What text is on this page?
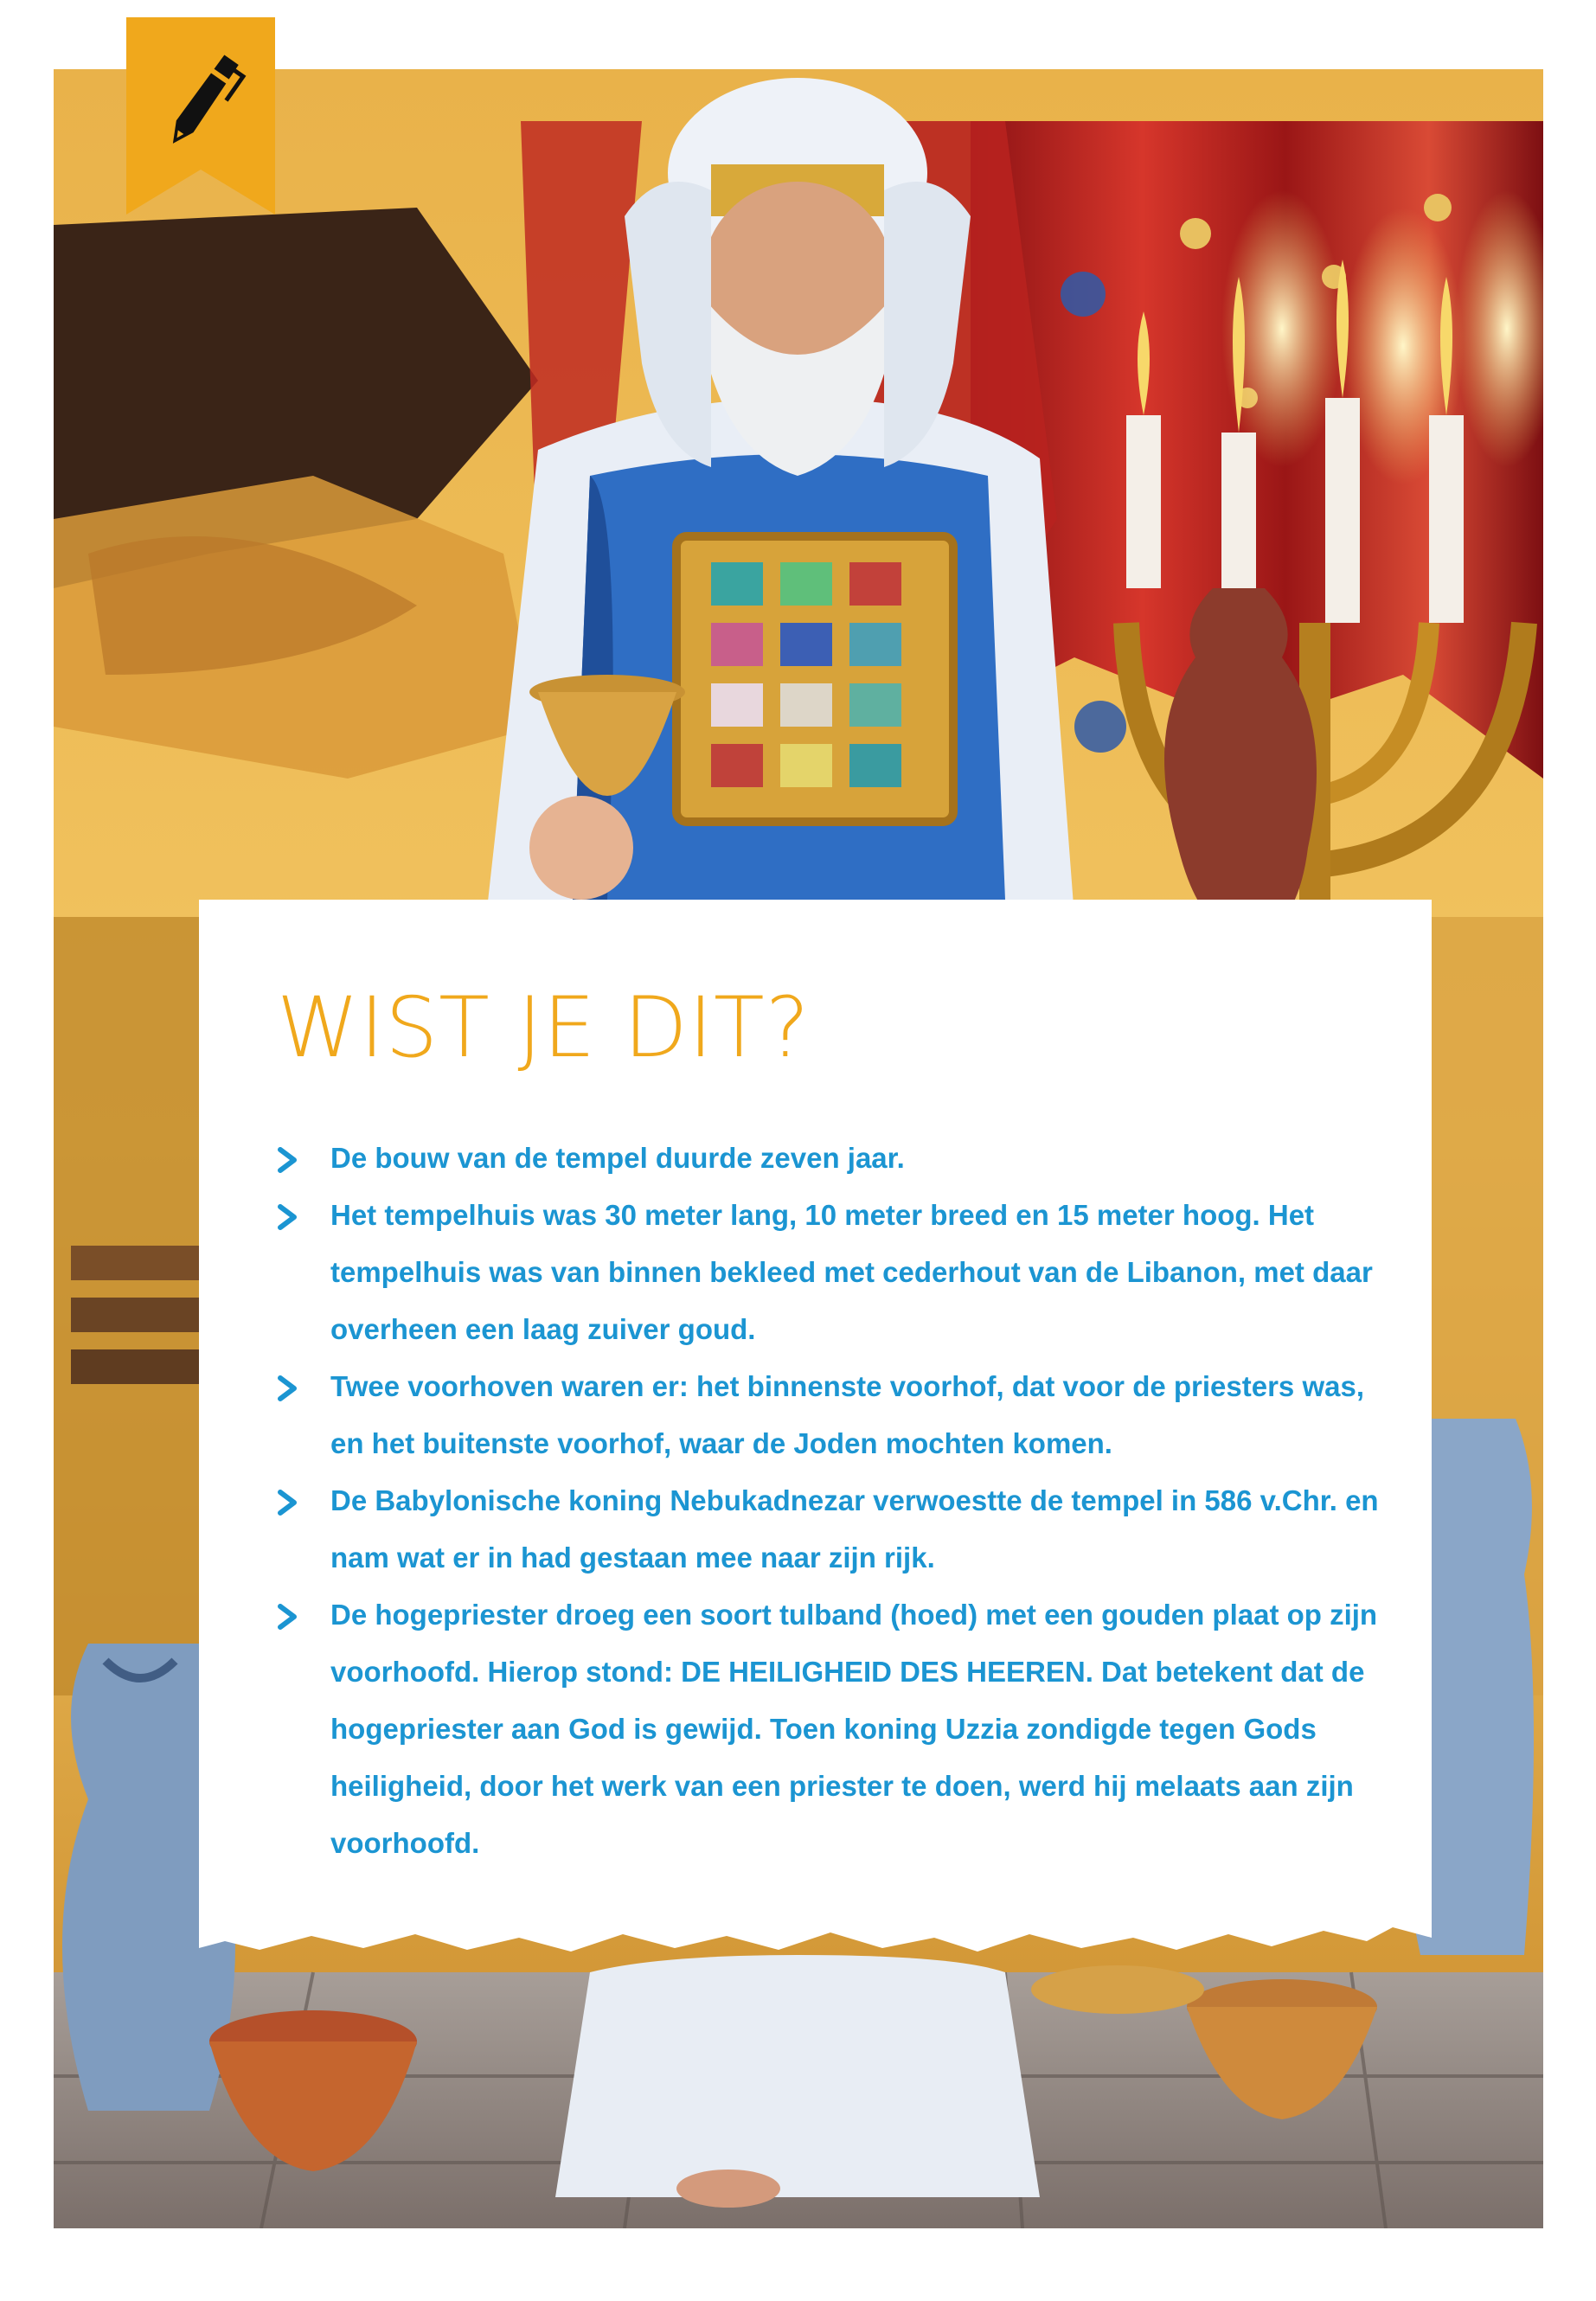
WIST JE DIT?
De bouw van de tempel duurde zeven jaar.
Het tempelhuis was 30 meter lang, 10 meter breed en 15 meter hoog. Het tempelhuis was van binnen bekleed met cederhout van de Libanon, met daar overheen een laag zuiver goud.
Twee voorhoven waren er: het binnenste voorhof, dat voor de priesters was, en het buitenste voorhof, waar de Joden mochten komen.
De Babylonische koning Nebukadnezar verwoestte de tempel in 586 v.Chr. en nam wat er in had gestaan mee naar zijn rijk.
De hogepriester droeg een soort tulband (hoed) met een gouden plaat op zijn voorhoofd. Hierop stond: DE HEILIGHEID DES HEEREN. Dat betekent dat de hogepriester aan God is gewijd. Toen koning Uzzia zondigde tegen Gods heiligheid, door het werk van een priester te doen, werd hij melaats aan zijn voorhoofd.
